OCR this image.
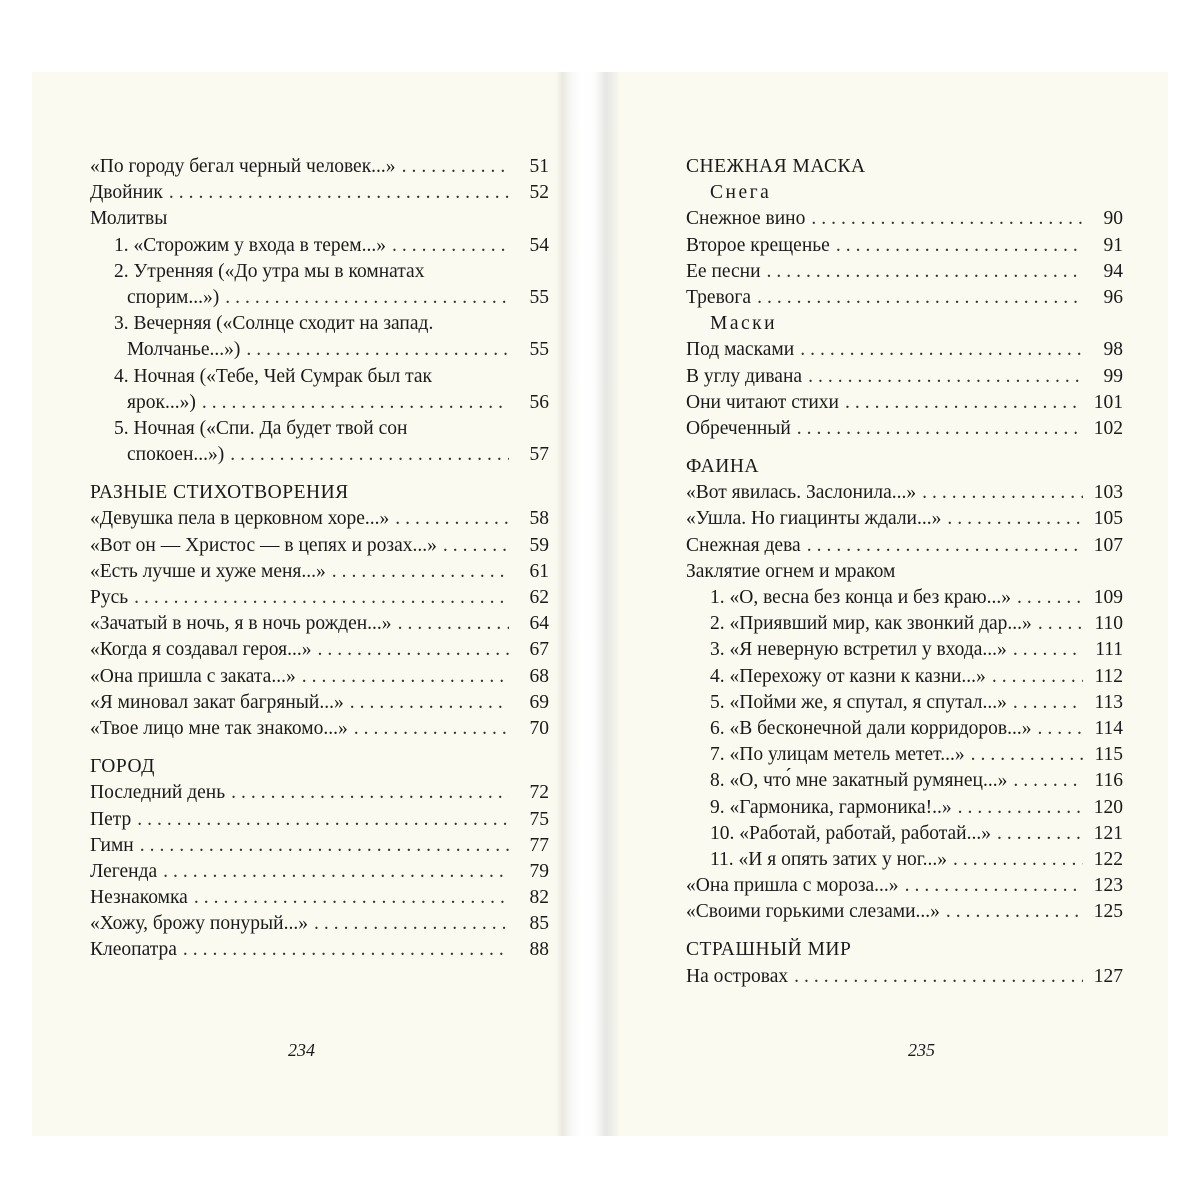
«По городу бегал черный человек...» .....	51
Двойник .....	52
Молитвы
1. «Сторожим у входа в терем...» .....	54
2. Утренняя («До утра мы в комнатах
спорим...») .....	55
3. Вечерняя («Солнце сходит на запад.
Молчанье...») .....	55
4. Ночная («Тебе, Чей Сумрак был так
ярок...») .....	56
5. Ночная («Спи. Да будет твой сон
спокоен...») .....	57
РАЗНЫЕ СТИХОТВОРЕНИЯ
«Девушка пела в церковном хоре...» .....	58
«Вот он — Христос — в цепях и розах...» .....	59
«Есть лучше и хуже меня...» .....	61
Русь .....	62
«Зачатый в ночь, я в ночь рожден...» .....	64
«Когда я создавал героя...» .....	67
«Она пришла с заката...» .....	68
«Я миновал закат багряный...» .....	69
«Твое лицо мне так знакомо...» .....	70
ГОРОД
Последний день .....	72
Петр .....	75
Гимн .....	77
Легенда .....	79
Незнакомка .....	82
«Хожу, брожу понурый...» .....	85
Клеопатра .....	88
234
СНЕЖНАЯ МАСКА
Снега
Снежное вино .....	90
Второе крещенье .....	91
Ее песни .....	94
Тревога .....	96
Маски
Под масками .....	98
В углу дивана .....	99
Они читают стихи .....	101
Обреченный .....	102
ФАИНА
«Вот явилась. Заслонила...» .....	103
«Ушла. Но гиацинты ждали...» .....	105
Снежная дева .....	107
Заклятие огнем и мраком
1. «О, весна без конца и без краю...» .....	109
2. «Приявший мир, как звонкий дар...» .....	110
3. «Я неверную встретил у входа...» .....	111
4. «Перехожу от казни к казни...» .....	112
5. «Пойми же, я спутал, я спутал...» .....	113
6. «В бесконечной дали корридоров...» .....	114
7. «По улицам метель метет...» .....	115
8. «О, что́ мне закатный румянец...» .....	116
9. «Гармоника, гармоника!..» .....	120
10. «Работай, работай, работай...» .....	121
11. «И я опять затих у ног...» .....	122
«Она пришла с мороза...» .....	123
«Своими горькими слезами...» .....	125
СТРАШНЫЙ МИР
На островах .....	127
235
